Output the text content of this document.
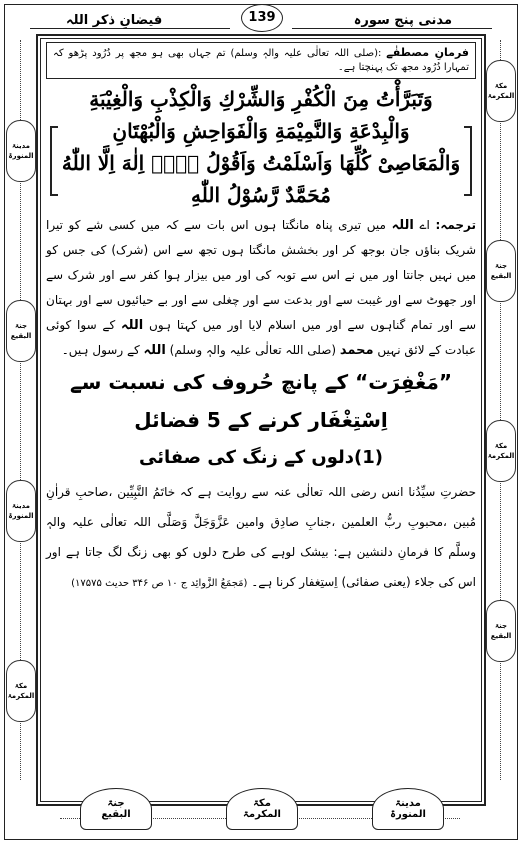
فیضانِ ذکر اللہ	139	مدنی پنج سورہ
مدینۃ
المنورۃ
جنۃ
البقیع
مدینۃ
المنورۃ
مکۃ
المکرمۃ
مکۃ
المکرمۃ
جنۃ
البقیع
مکۃ
المکرمۃ
جنۃ
البقیع
فرمانِ مصطفٰے :(صلی اللہ تعالٰی علیہ والہٖ وسلم) تم جہاں بھی ہو مجھ پر دُرُود پڑھو کہ تمہارا دُرُود مجھ تک پہنچتا ہے۔
وَتَبَرَّأْتُ مِنَ الْكُفْرِ وَالشِّرْكِ وَالْكِذْبِ وَالْغِيْبَةِ
وَالْبِدْعَةِ وَالنَّمِيْمَةِ وَالْفَوَاحِشِ وَالْبُهْتَانِ
وَالْمَعَاصِىْ كُلِّهَا وَاَسْلَمْتُ وَاَقُوْلُ لَاۤ اِلٰهَ اِلَّا اللّٰهُ
مُحَمَّدٌ رَّسُوْلُ اللّٰهِ
ترجمہ: اے اللہ میں تیری پناہ مانگتا ہوں اس بات سے کہ میں کسی شے کو تیرا شریک بناؤں جان بوجھ کر اور بخشش مانگتا ہوں تجھ سے اس (شرک) کی جس کو میں نہیں جانتا اور میں نے اس سے توبہ کی اور میں بیزار ہوا کفر سے اور شرک سے اور جھوٹ سے اور غیبت سے اور بدعت سے اور چغلی سے اور بے حیائیوں سے اور بہتان سے اور تمام گناہوں سے اور میں اسلام لایا اور میں کہتا ہوں اللہ کے سوا کوئی عبادت کے لائق نہیں محمد (صلی اللہ تعالٰی علیہ والہٖ وسلم) اللہ کے رسول ہیں۔
”مَغْفِرَت“ کے پانچ حُروف کی نسبت سے
اِسْتِغْفَار کرنے کے 5 فضائل
(1)دلوں کے زنگ کی صفائی
حضرتِ سیِّدُنا انس رضی اللہ تعالٰی عنہ سے روایت ہے کہ خاتَمُ النَّبِیِّین ،صاحبِ قراٰنِ مُبین ،محبوبِ ربُّ العلمین ،جنابِ صادِق وامین عَزَّوَجَلَّ وَصَلَّی اللہ تعالٰی علیہ والہٖ وسلَّم کا فرمانِ دلنشین ہے: بیشک لوہے کی طرح دلوں کو بھی زنگ لگ جاتا ہے اور اس کی جلاء (یعنی صفائی) اِستِغفار کرنا ہے۔ (مَجمَعُ الزَّوائِد ج ۱۰ ص ۳۴۶ حدیث ۱۷۵۷۵)
جنۃ
البقیع
مکۃ
المکرمۃ
مدینۃ
المنورۃ
